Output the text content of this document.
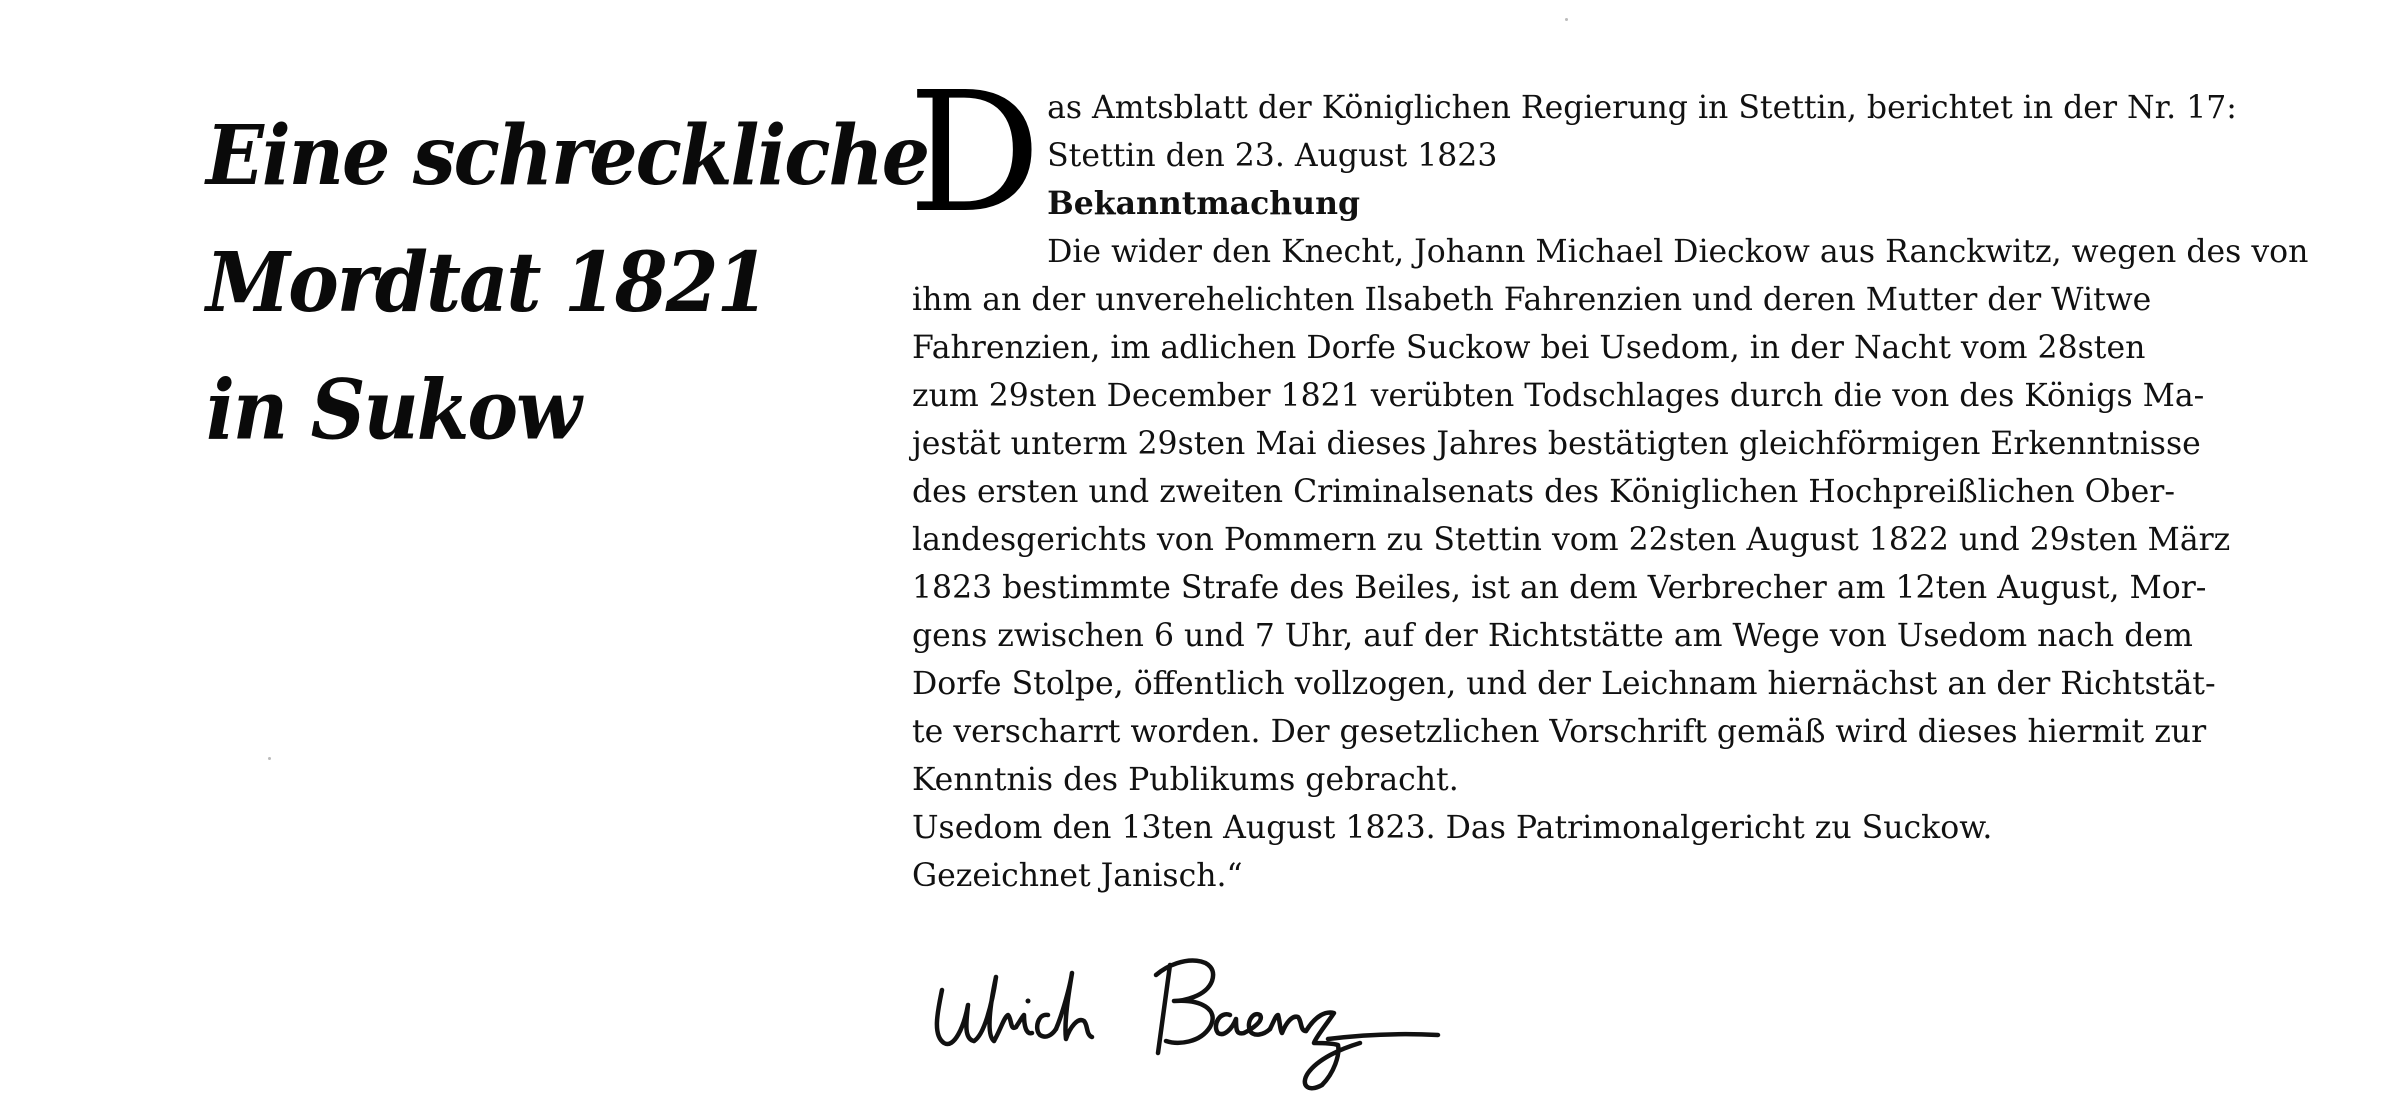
Eine schreckliche
Mordtat 1821
in Sukow
D as Amtsblatt der Königlichen Regierung in Stettin, berichtet in der Nr. 17:
Stettin den 23. August 1823
Bekanntmachung
Die wider den Knecht, Johann Michael Dieckow aus Ranckwitz, wegen des von
ihm an der unverehelichten Ilsabeth Fahrenzien und deren Mutter der Witwe
Fahrenzien, im adlichen Dorfe Suckow bei Usedom, in der Nacht vom 28sten
zum 29sten December 1821 verübten Todschlages durch die von des Königs Ma-
jestät unterm 29sten Mai dieses Jahres bestätigten gleichförmigen Erkenntnisse
des ersten und zweiten Criminalsenats des Königlichen Hochpreißlichen Ober-
landesgerichts von Pommern zu Stettin vom 22sten August 1822 und 29sten März
1823 bestimmte Strafe des Beiles, ist an dem Verbrecher am 12ten August, Mor-
gens zwischen 6 und 7 Uhr, auf der Richtstätte am Wege von Usedom nach dem
Dorfe Stolpe, öffentlich vollzogen, und der Leichnam hiernächst an der Richtstät-
te verscharrt worden. Der gesetzlichen Vorschrift gemäß wird dieses hiermit zur
Kenntnis des Publikums gebracht.
Usedom den 13ten August 1823. Das Patrimonalgericht zu Suckow.
Gezeichnet Janisch.“
